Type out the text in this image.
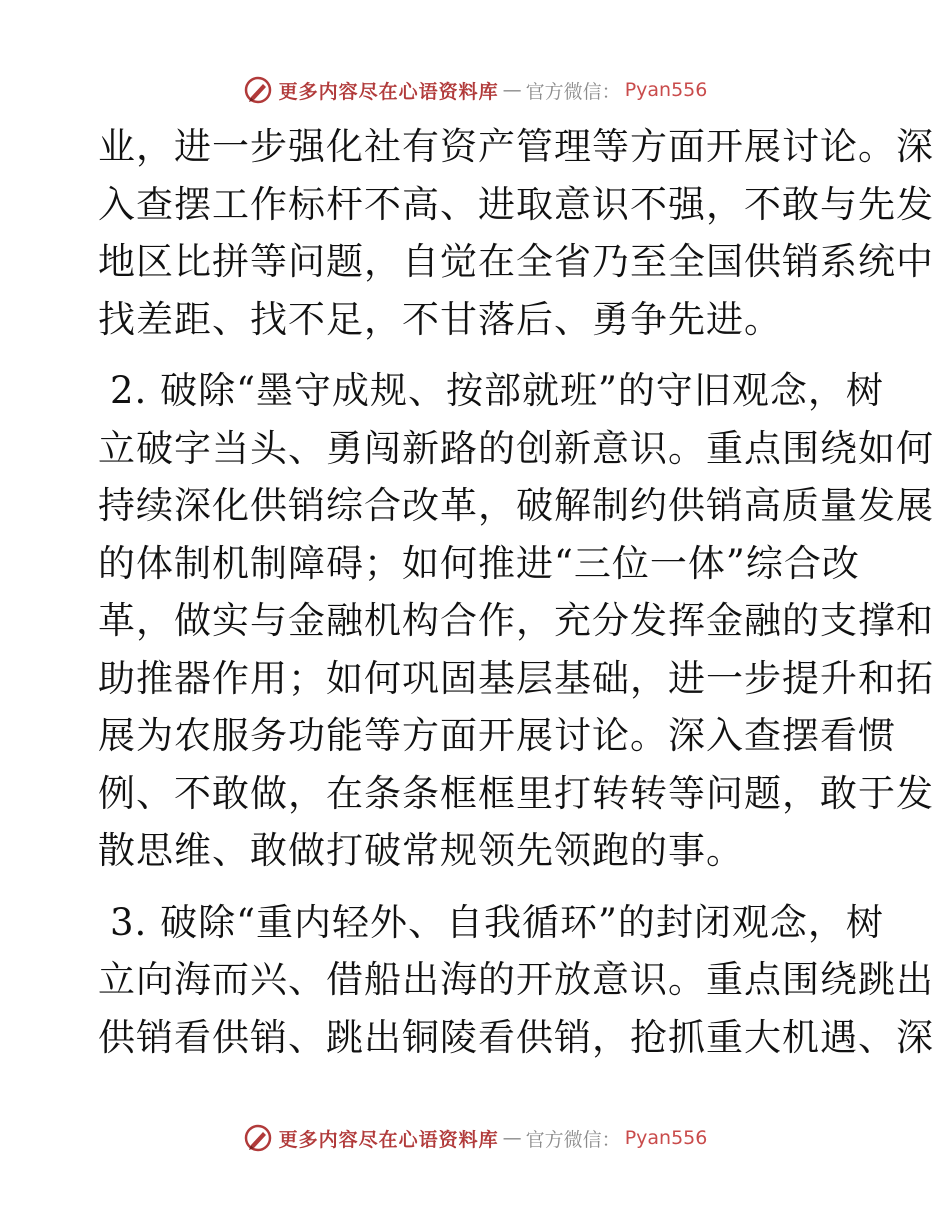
更多内容尽在心语资料库 — 官方微信： Pyan556

业，进一步强化社有资产管理等方面开展讨论。深
入查摆工作标杆不高、进取意识不强，不敢与先发
地区比拼等问题，自觉在全省乃至全国供销系统中
找差距、找不足，不甘落后、勇争先进。

2. 破除“墨守成规、按部就班”的守旧观念，树
立破字当头、勇闯新路的创新意识。重点围绕如何
持续深化供销综合改革，破解制约供销高质量发展
的体制机制障碍；如何推进“三位一体”综合改
革，做实与金融机构合作，充分发挥金融的支撑和
助推器作用；如何巩固基层基础，进一步提升和拓
展为农服务功能等方面开展讨论。深入查摆看惯
例、不敢做，在条条框框里打转转等问题，敢于发
散思维、敢做打破常规领先领跑的事。

3. 破除“重内轻外、自我循环”的封闭观念，树
立向海而兴、借船出海的开放意识。重点围绕跳出
供销看供销、跳出铜陵看供销，抢抓重大机遇、深

更多内容尽在心语资料库 — 官方微信： Pyan556
